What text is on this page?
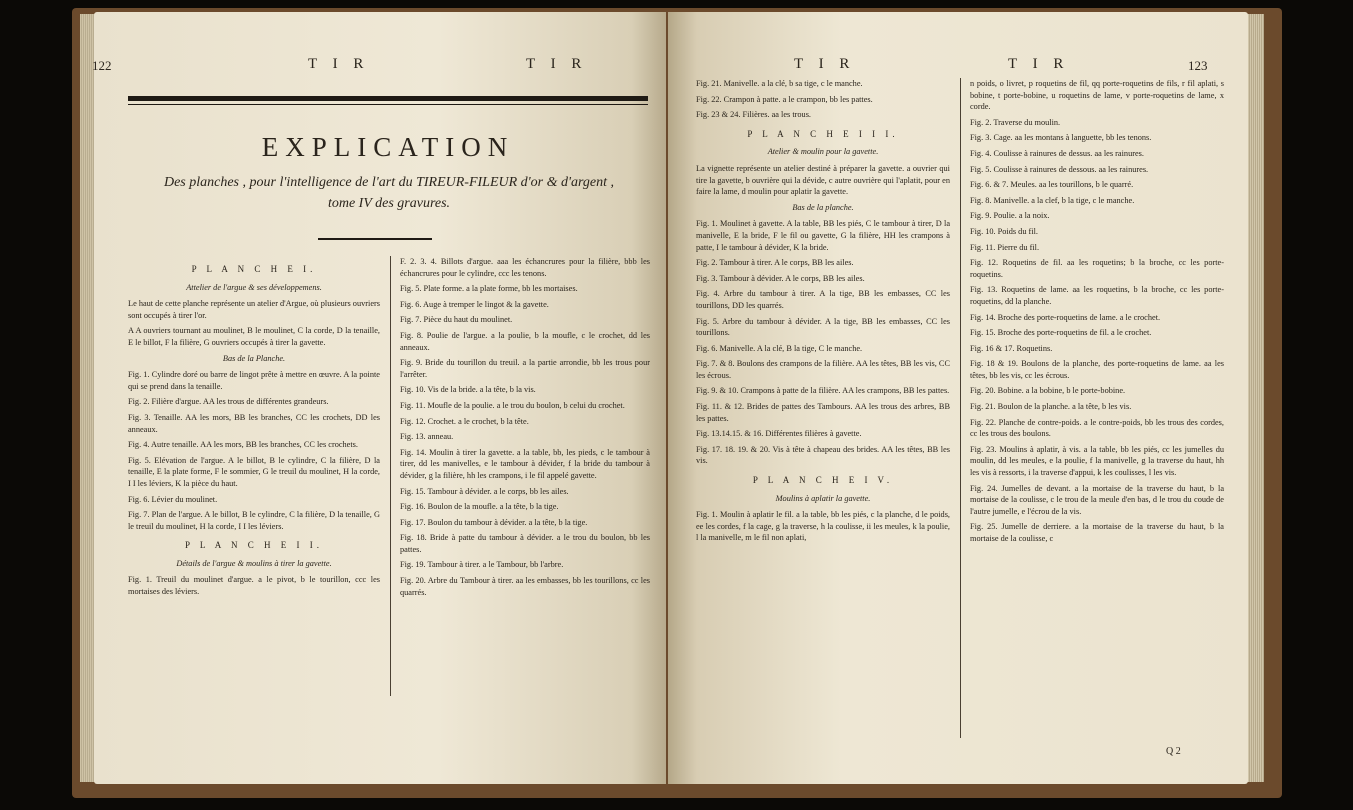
122	T I R	T I R
EXPLICATION
Des planches , pour l'intelligence de l'art du TIREUR-FILEUR d'or & d'argent , tome IV des gravures.
P L A N C H E I.
Attelier de l'argue & ses développemens.
Le haut de cette planche représente un atelier d'Argue, où plusieurs ouvriers sont occupés à tirer l'or.
A A ouvriers tournant au moulinet, B le moulinet, C la corde, D la tenaille, E le billot, F la filière, G ouvriers occupés à tirer la gavette.
Bas de la Planche.
Fig. 1. Cylindre doré ou barre de lingot prête à mettre en œuvre. A la pointe qui se prend dans la tenaille.
Fig. 2. Filière d'argue. AA les trous de différentes grandeurs.
Fig. 3. Tenaille. AA les mors, BB les branches, CC les crochets, DD les anneaux.
Fig. 4. Autre tenaille. AA les mors, BB les branches, CC les crochets.
Fig. 5. Elévation de l'argue. A le billot, B le cylindre, C la filière, D la tenaille, E la plate forme, F le sommier, G le treuil du moulinet, H la corde, I I les léviers, K la pièce du haut.
Fig. 6. Lévier du moulinet.
Fig. 7. Plan de l'argue. A le billot, B le cylindre, C la filière, D la tenaille, G le treuil du moulinet, H la corde, I I les léviers.
P L A N C H E I I.
Détails de l'argue & moulins à tirer la gavette.
Fig. 1. Treuil du moulinet d'argue. a le pivot, b le tourillon, ccc les mortaises des léviers.
F. 2. 3. 4. Billots d'argue. aaa les échancrures pour la filière, bbb les échancrures pour le cylindre, ccc les tenons.
Fig. 5. Plate forme. a la plate forme, bb les mortaises.
Fig. 6. Auge à tremper le lingot & la gavette.
Fig. 7. Pièce du haut du moulinet.
Fig. 8. Poulie de l'argue. a la poulie, b la moufle, c le crochet, dd les anneaux.
Fig. 9. Bride du tourillon du treuil. a la partie arrondie, bb les trous pour l'arrêter.
Fig. 10. Vis de la bride. a la tête, b la vis.
Fig. 11. Moufle de la poulie. a le trou du boulon, b celui du crochet.
Fig. 12. Crochet. a le crochet, b la tête.
Fig. 13. anneau.
Fig. 14. Moulin à tirer la gavette. a la table, bb, les pieds, c le tambour à tirer, dd les manivelles, e le tambour à dévider, f la bride du tambour à dévider, g la filière, hh les crampons, i le fil appelé gavette.
Fig. 15. Tambour à dévider. a le corps, bb les ailes.
Fig. 16. Boulon de la moufle. a la tête, b la tige.
Fig. 17. Boulon du tambour à dévider. a la tête, b la tige.
Fig. 18. Bride à patte du tambour à dévider. a le trou du boulon, bb les pattes.
Fig. 19. Tambour à tirer. a le Tambour, bb l'arbre.
Fig. 20. Arbre du Tambour à tirer. aa les embasses, bb les tourillons, cc les quarrés.
T I R	T I R	123
Fig. 21. Manivelle. a la clé, b sa tige, c le manche.
Fig. 22. Crampon à patte. a le crampon, bb les pattes.
Fig. 23 & 24. Filières. aa les trous.
P L A N C H E I I I.
Atelier & moulin pour la gavette.
La vignette représente un atelier destiné à préparer la gavette. a ouvrier qui tire la gavette, b ouvrière qui la dévide, c autre ouvrière qui l'aplatit, pour en faire la lame, d moulin pour aplatir la gavette.
Bas de la planche.
Fig. 1. Moulinet à gavette. A la table, BB les piés, C le tambour à tirer, D la manivelle, E la bride, F le fil ou gavette, G la filière, HH les crampons à patte, I le tambour à dévider, K la bride.
Fig. 2. Tambour à tirer. A le corps, BB les ailes.
Fig. 3. Tambour à dévider. A le corps, BB les ailes.
Fig. 4. Arbre du tambour à tirer. A la tige, BB les embasses, CC les tourillons, DD les quarrés.
Fig. 5. Arbre du tambour à dévider. A la tige, BB les embasses, CC les tourillons.
Fig. 6. Manivelle. A la clé, B la tige, C le manche.
Fig. 7. & 8. Boulons des crampons de la filière. AA les têtes, BB les vis, CC les écrous.
Fig. 9. & 10. Crampons à patte de la filière. AA les crampons, BB les pattes.
Fig. 11. & 12. Brides de pattes des Tambours. AA les trous des arbres, BB les pattes.
Fig. 13.14.15. & 16. Différentes filières à gavette.
Fig. 17. 18. 19. & 20. Vis à tête à chapeau des brides. AA les têtes, BB les vis.
P L A N C H E I V.
Moulins à aplatir la gavette.
Fig. 1. Moulin à aplatir le fil. a la table, bb les piés, c la planche, d le poids, ee les cordes, f la cage, g la traverse, h la coulisse, ii les meules, k la poulie, l la manivelle, m le fil non aplati,
n poids, o livret, p roquetins de fil, qq porte-roquetins de fils, r fil aplati, s bobine, t porte-bobine, u roquetins de lame, v porte-roquetins de lame, x corde.
Fig. 2. Traverse du moulin.
Fig. 3. Cage. aa les montans à languette, bb les tenons.
Fig. 4. Coulisse à rainures de dessus. aa les rainures.
Fig. 5. Coulisse à rainures de dessous. aa les rainures.
Fig. 6. & 7. Meules. aa les tourillons, b le quarré.
Fig. 8. Manivelle. a la clef, b la tige, c le manche.
Fig. 9. Poulie. a la noix.
Fig. 10. Poids du fil.
Fig. 11. Pierre du fil.
Fig. 12. Roquetins de fil. aa les roquetins; b la broche, cc les porte-roquetins.
Fig. 13. Roquetins de lame. aa les roquetins, b la broche, cc les porte-roquetins, dd la planche.
Fig. 14. Broche des porte-roquetins de lame. a le crochet.
Fig. 15. Broche des porte-roquetins de fil. a le crochet.
Fig. 16 & 17. Roquetins.
Fig. 18 & 19. Boulons de la planche, des porte-roquetins de lame. aa les têtes, bb les vis, cc les écrous.
Fig. 20. Bobine. a la bobine, b le porte-bobine.
Fig. 21. Boulon de la planche. a la tête, b les vis.
Fig. 22. Planche de contre-poids. a le contre-poids, bb les trous des cordes, cc les trous des boulons.
Fig. 23. Moulins à aplatir, à vis. a la table, bb les piés, cc les jumelles du moulin, dd les meules, e la poulie, f la manivelle, g la traverse du haut, hh les vis à ressorts, i la traverse d'appui, k les coulisses, l les vis.
Fig. 24. Jumelles de devant. a la mortaise de la traverse du haut, b la mortaise de la coulisse, c le trou de la meule d'en bas, d le trou du coude de l'autre jumelle, e l'écrou de la vis.
Fig. 25. Jumelle de derriere. a la mortaise de la traverse du haut, b la mortaise de la coulisse, c
Q 2
